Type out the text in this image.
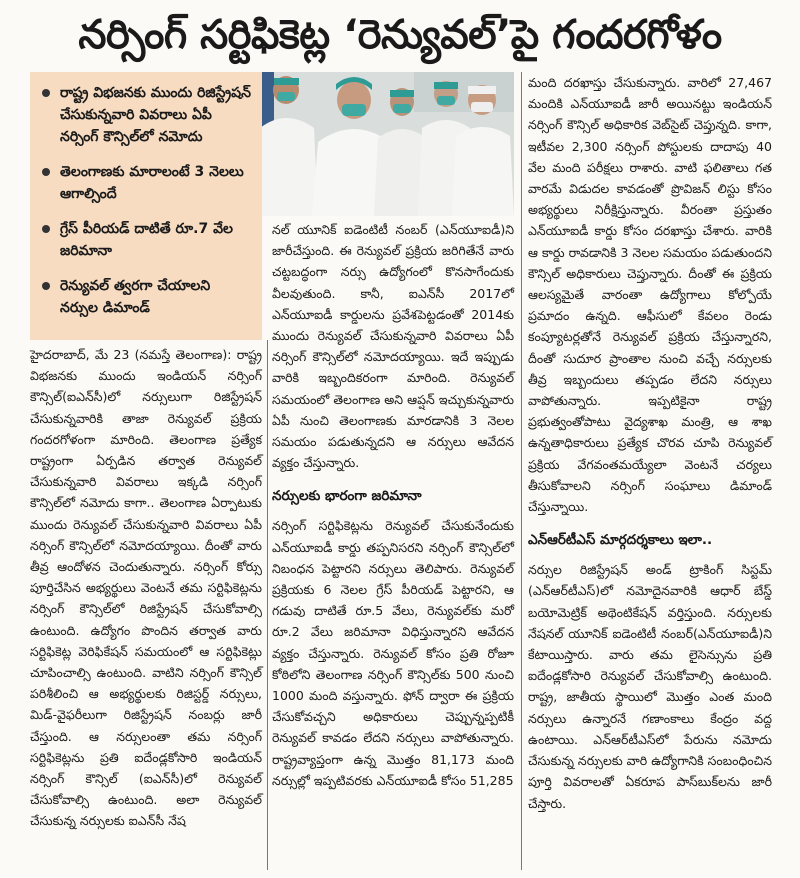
నర్సింగ్ సర్టిఫికెట్ల ‘రెన్యువల్’పై గందరగోళం
రాష్ట్ర విభజనకు ముందు రిజిస్ట్రేషన్ చేసుకున్నవారి వివరాలు ఏపీ నర్సింగ్ కౌన్సిల్‌లో నమోదు
తెలంగాణకు మారాలంటే 3 నెలలు ఆగాల్సిందే
గ్రేస్ పీరియడ్ దాటితే రూ.7 వేల జరిమానా
రెన్యువల్ త్వరగా చేయాలని నర్సుల డిమాండ్

హైదరాబాద్, మే 23 (నమస్తే తెలంగాణ): రాష్ట్ర విభజనకు ముందు ఇండియన్ నర్సింగ్ కౌన్సిల్(ఐఎన్‌సీ)లో నర్సులుగా రిజిస్ట్రేషన్ చేసుకున్నవారికి తాజా రెన్యువల్ ప్రక్రియ గందరగోళంగా మారింది. తెలంగాణ ప్రత్యేక రాష్ట్రంగా ఏర్పడిన తర్వాత రెన్యువల్ చేసుకున్నవారి వివరాలు ఇక్కడి నర్సింగ్ కౌన్సిల్‌లో నమోదు కాగా.. తెలంగాణ ఏర్పాటుకు ముందు రెన్యువల్ చేసుకున్నవారి వివరాలు ఏపీ నర్సింగ్ కౌన్సిల్‌లో నమోదయ్యాయి. దీంతో వారు తీవ్ర ఆందోళన చెందుతున్నారు. నర్సింగ్ కోర్సు పూర్తిచేసిన అభ్యర్థులు వెంటనే తమ సర్టిఫికెట్లను నర్సింగ్ కౌన్సిల్‌లో రిజిస్ట్రేషన్ చేసుకోవాల్సి ఉంటుంది. ఉద్యోగం పొందిన తర్వాత వారు సర్టిఫికెట్ల వెరిఫికేషన్ సమయంలో ఆ సర్టిఫికెట్లు చూపించాల్సి ఉంటుంది. వాటిని నర్సింగ్ కౌన్సిల్ పరిశీలించి ఆ అభ్యర్థులకు రిజిస్టర్డ్ నర్సులు, మిడ్-వైఫరీలుగా రిజిస్ట్రేషన్ నంబర్లు జారీ చేస్తుంది. ఆ నర్సులంతా తమ నర్సింగ్ సర్టిఫికెట్లను ప్రతి ఐదేండ్లకోసారి ఇండియన్ నర్సింగ్ కౌన్సిల్ (ఐఎన్‌సీ)లో రెన్యువల్ చేసుకోవాల్సి ఉంటుంది. అలా రెన్యువల్ చేసుకున్న నర్సులకు ఐఎన్‌సీ నేష

నల్ యూనిక్ ఐడెంటిటీ నంబర్ (ఎన్‌యూఐడీ)ని జారీచేస్తుంది. ఈ రెన్యువల్ ప్రక్రియ జరిగితేనే వారు చట్టబద్ధంగా నర్సు ఉద్యోగంలో కొనసాగేందుకు వీలవుతుంది. కానీ, ఐఎన్‌సీ 2017లో ఎన్‌యూఐడీ కార్డులను ప్రవేశపెట్టడంతో 2014కు ముందు రెన్యువల్ చేసుకున్నవారి వివరాలు ఏపీ నర్సింగ్ కౌన్సిల్‌లో నమోదయ్యాయి. ఇదే ఇప్పుడు వారికి ఇబ్బందికరంగా మారింది. రెన్యువల్ సమయంలో తెలంగాణ అని ఆప్షన్ ఇచ్చుకున్నవారు ఏపీ నుంచి తెలంగాణకు మారడానికి 3 నెలల సమయం పడుతున్నదని ఆ నర్సులు ఆవేదన వ్యక్తం చేస్తున్నారు.

నర్సులకు భారంగా జరిమానా

నర్సింగ్ సర్టిఫికెట్లను రెన్యువల్ చేసుకునేందుకు ఎన్‌యూఐడీ కార్డు తప్పనిసరని నర్సింగ్ కౌన్సిల్‌లో నిబంధన పెట్టారని నర్సులు తెలిపారు. రెన్యువల్ ప్రక్రియకు 6 నెలల గ్రేస్ పీరియడ్ పెట్టారని, ఆ గడువు దాటితే రూ.5 వేలు, రెన్యువల్‌కు మరో రూ.2 వేలు జరిమానా విధిస్తున్నారని ఆవేదన వ్యక్తం చేస్తున్నారు. రెన్యువల్ కోసం ప్రతి రోజూ కోఠిలోని తెలంగాణ నర్సింగ్ కౌన్సిల్‌కు 500 నుంచి 1000 మంది వస్తున్నారు. ఫోన్ ద్వారా ఈ ప్రక్రియ చేసుకోవచ్చని అధికారులు చెప్పున్నప్పటికీ రెన్యువల్ కావడం లేదని నర్సులు వాపోతున్నారు. రాష్ట్రవ్యాప్తంగా ఉన్న మొత్తం 81,173 మంది నర్సుల్లో ఇప్పటివరకు ఎన్‌యూఐడీ కోసం 51,285

మంది దరఖాస్తు చేసుకున్నారు. వారిలో 27,467 మందికి ఎన్‌యూఐడీ జారీ అయినట్టు ఇండియన్ నర్సింగ్ కౌన్సిల్ అధికారిక వెబ్‌సైట్ చెప్తున్నది. కాగా, ఇటీవల 2,300 నర్సింగ్ పోస్టులకు దాదాపు 40 వేల మంది పరీక్షలు రాశారు. వాటి ఫలితాలు గత వారమే విడుదల కావడంతో ప్రొవిజన్ లిస్టు కోసం అభ్యర్థులు నిరీక్షిస్తున్నారు. వీరంతా ప్రస్తుతం ఎన్‌యూఐడీ కార్డు కోసం దరఖాస్తు చేశారు. వారికి ఆ కార్డు రావడానికి 3 నెలల సమయం పడుతుందని కౌన్సిల్ అధికారులు చెప్తున్నారు. దీంతో ఈ ప్రక్రియ ఆలస్యమైతే వారంతా ఉద్యోగాలు కోల్పోయే ప్రమాదం ఉన్నది. ఆఫీసులో కేవలం రెండు కంప్యూటర్లతోనే రెన్యువల్ ప్రక్రియ చేస్తున్నారని, దీంతో సుదూర ప్రాంతాల నుంచి వచ్చే నర్సులకు తీవ్ర ఇబ్బందులు తప్పడం లేదని నర్సులు వాపోతున్నారు. ఇప్పటికైనా రాష్ట్ర ప్రభుత్వంతోపాటు వైద్యశాఖ మంత్రి, ఆ శాఖ ఉన్నతాధికారులు ప్రత్యేక చొరవ చూపి రెన్యువల్ ప్రక్రియ వేగవంతమయ్యేలా వెంటనే చర్యలు తీసుకోవాలని నర్సింగ్ సంఘాలు డిమాండ్ చేస్తున్నాయి.

ఎన్‌ఆర్‌టీఎస్ మార్గదర్శకాలు ఇలా..

నర్సుల రిజిస్ట్రేషన్ అండ్ ట్రాకింగ్ సిస్టమ్ (ఎన్‌ఆర్‌టీఎస్)లో నమోదైనవారికి ఆధార్ బేస్డ్ బయోమెట్రిక్ అథెంటికేషన్ వర్తిస్తుంది. నర్సులకు నేషనల్ యూనిక్ ఐడెంటిటీ నంబర్(ఎన్‌యూఐడీ)ని కేటాయిస్తారు. వారు తమ లైసెన్సును ప్రతి ఐదేండ్లకోసారి రెన్యువల్ చేసుకోవాల్సి ఉంటుంది. రాష్ట్ర, జాతీయ స్థాయిలో మొత్తం ఎంత మంది నర్సులు ఉన్నారనే గణాంకాలు కేంద్రం వద్ద ఉంటాయి. ఎన్‌ఆర్‌టీఎస్‌లో పేరును నమోదు చేసుకున్న నర్సులకు వారి ఉద్యోగానికి సంబంధించిన పూర్తి వివరాలతో ఏకరూప పాస్‌బుక్‌లను జారీ చేస్తారు.
